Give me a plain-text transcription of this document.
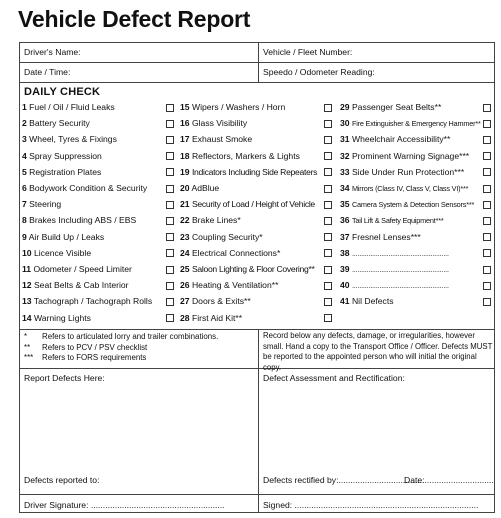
Vehicle Defect Report
Driver's Name:	Vehicle / Fleet Number:
Date / Time:	Speedo / Odometer Reading:
DAILY CHECK
1 Fuel / Oil / Fluid Leaks
2 Battery Security
3 Wheel, Tyres & Fixings
4 Spray Suppression
5 Registration Plates
6 Bodywork Condition & Security
7 Steering
8 Brakes Including ABS / EBS
9 Air Build Up / Leaks
10 Licence Visible
11 Odometer / Speed Limiter
12 Seat Belts & Cab Interior
13 Tachograph / Tachograph Rolls
14 Warning Lights
15 Wipers / Washers / Horn
16 Glass Visibility
17 Exhaust Smoke
18 Reflectors, Markers & Lights
19 Indicators Including Side Repeaters
20 AdBlue
21 Security of Load / Height of Vehicle
22 Brake Lines*
23 Coupling Security*
24 Electrical Connections*
25 Saloon Lighting & Floor Covering**
26 Heating & Ventilation**
27 Doors & Exits**
28 First Aid Kit**
29 Passenger Seat Belts**
30 Fire Extinguisher & Emergency Hammer**
31 Wheelchair Accessibility**
32 Prominent Warning Signage***
33 Side Under Run Protection***
34 Mirrors (Class IV, Class V, Class VI)***
35 Camera System & Detection Sensors***
36 Tail Lift & Safety Equipment***
37 Fresnel Lenses***
38 .....................................................
39 .....................................................
40 .....................................................
41 Nil Defects
* Refers to articulated lorry and trailer combinations.
** Refers to PCV / PSV checklist
*** Refers to FORS requirements
Record below any defects, damage, or irregularities, however small. Hand a copy to the Transport Office / Officer. Defects MUST be reported to the appointed person who will initial the original copy.
Report Defects Here:	Defect Assessment and Rectification:
Defects reported to:	Defects rectified by:....................................
Date:.............................
Driver Signature: ........................................................	Signed: .............................................................................
